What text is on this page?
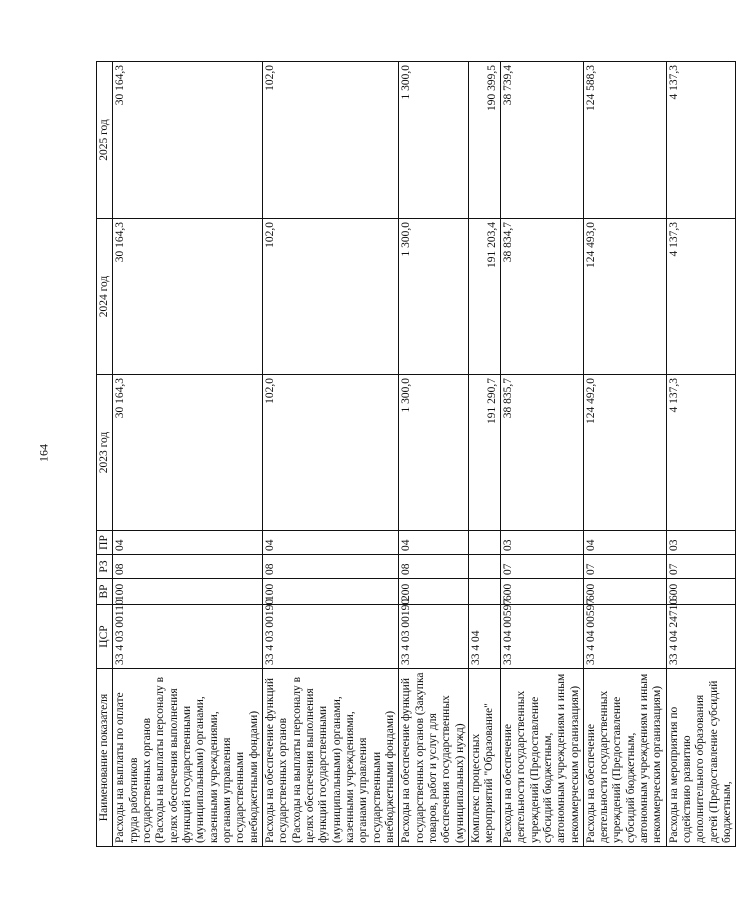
164
Наименование показателя	ЦСР	ВР	РЗ	ПР	2023 год	2024 год	2025 год
Расходы на выплаты по оплате труда работников государственных органов (Расходы на выплаты персоналу в целях обеспечения выполнения функций государственными (муниципальными) органами, казенными учреждениями, органами управления государственными внебюджетными фондами)	33 4 03 00110	100	08	04	30 164,3	30 164,3	30 164,3
Расходы на обеспечение функций государственных органов (Расходы на выплаты персоналу в целях обеспечения выполнения функций государственными (муниципальными) органами, казенными учреждениями, органами управления государственными внебюджетными фондами)	33 4 03 00190	100	08	04	102,0	102,0	102,0
Расходы на обеспечение функций государственных органов (Закупка товаров, работ и услуг для обеспечения государственных (муниципальных) нужд)	33 4 03 00190	200	08	04	1 300,0	1 300,0	1 300,0
Комплекс процессных мероприятий "Образование"	33 4 04				191 290,7	191 203,4	190 399,5
Расходы на обеспечение деятельности государственных учреждений (Предоставление субсидий бюджетным, автономным учреждениям и иным некоммерческим организациям)	33 4 04 00597	600	07	03	38 835,7	38 834,7	38 739,4
Расходы на обеспечение деятельности государственных учреждений (Предоставление субсидий бюджетным, автономным учреждениям и иным некоммерческим организациям)	33 4 04 00597	600	07	04	124 492,0	124 493,0	124 588,3
Расходы на мероприятия по содействию развитию дополнительного образования детей (Предоставление субсидий бюджетным,	33 4 04 24710	600	07	03	4 137,3	4 137,3	4 137,3
